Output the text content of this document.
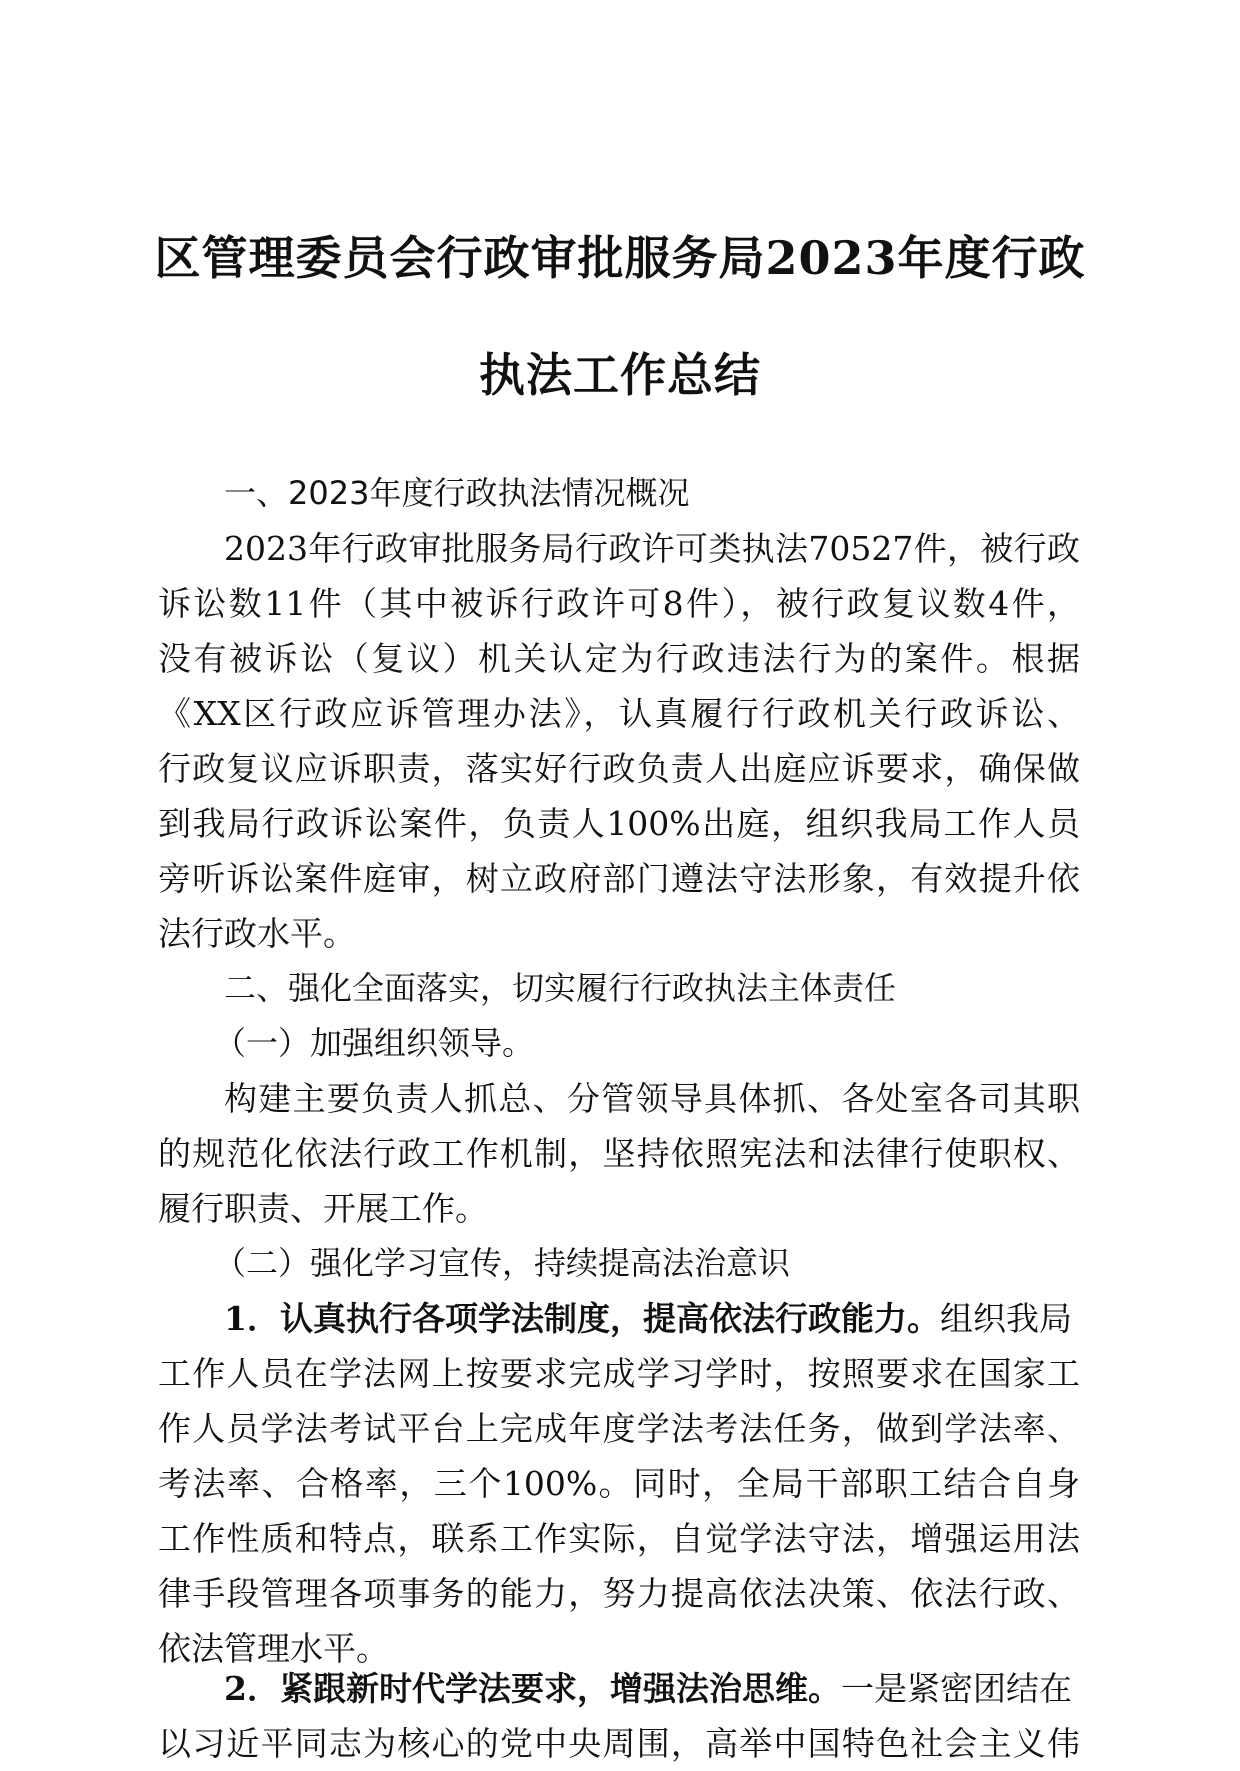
区管理委员会行政审批服务局2023年度行政
执法工作总结
一、2023年度行政执法情况概况
2023年行政审批服务局行政许可类执法70527件，被行政
诉讼数11件（其中被诉行政许可8件），被行政复议数4件，
没有被诉讼（复议）机关认定为行政违法行为的案件。根据
《XX区行政应诉管理办法》，认真履行行政机关行政诉讼、
行政复议应诉职责，落实好行政负责人出庭应诉要求，确保做
到我局行政诉讼案件，负责人100%出庭，组织我局工作人员
旁听诉讼案件庭审，树立政府部门遵法守法形象，有效提升依
法行政水平。
二、强化全面落实，切实履行行政执法主体责任
（一）加强组织领导。
构建主要负责人抓总、分管领导具体抓、各处室各司其职
的规范化依法行政工作机制，坚持依照宪法和法律行使职权、
履行职责、开展工作。
（二）强化学习宣传，持续提高法治意识
1．认真执行各项学法制度，提高依法行政能力。组织我局
工作人员在学法网上按要求完成学习学时，按照要求在国家工
作人员学法考试平台上完成年度学法考法任务，做到学法率、
考法率、合格率，三个100%。同时，全局干部职工结合自身
工作性质和特点，联系工作实际，自觉学法守法，增强运用法
律手段管理各项事务的能力，努力提高依法决策、依法行政、
依法管理水平。
2．紧跟新时代学法要求，增强法治思维。一是紧密团结在
以习近平同志为核心的党中央周围，高举中国特色社会主义伟
